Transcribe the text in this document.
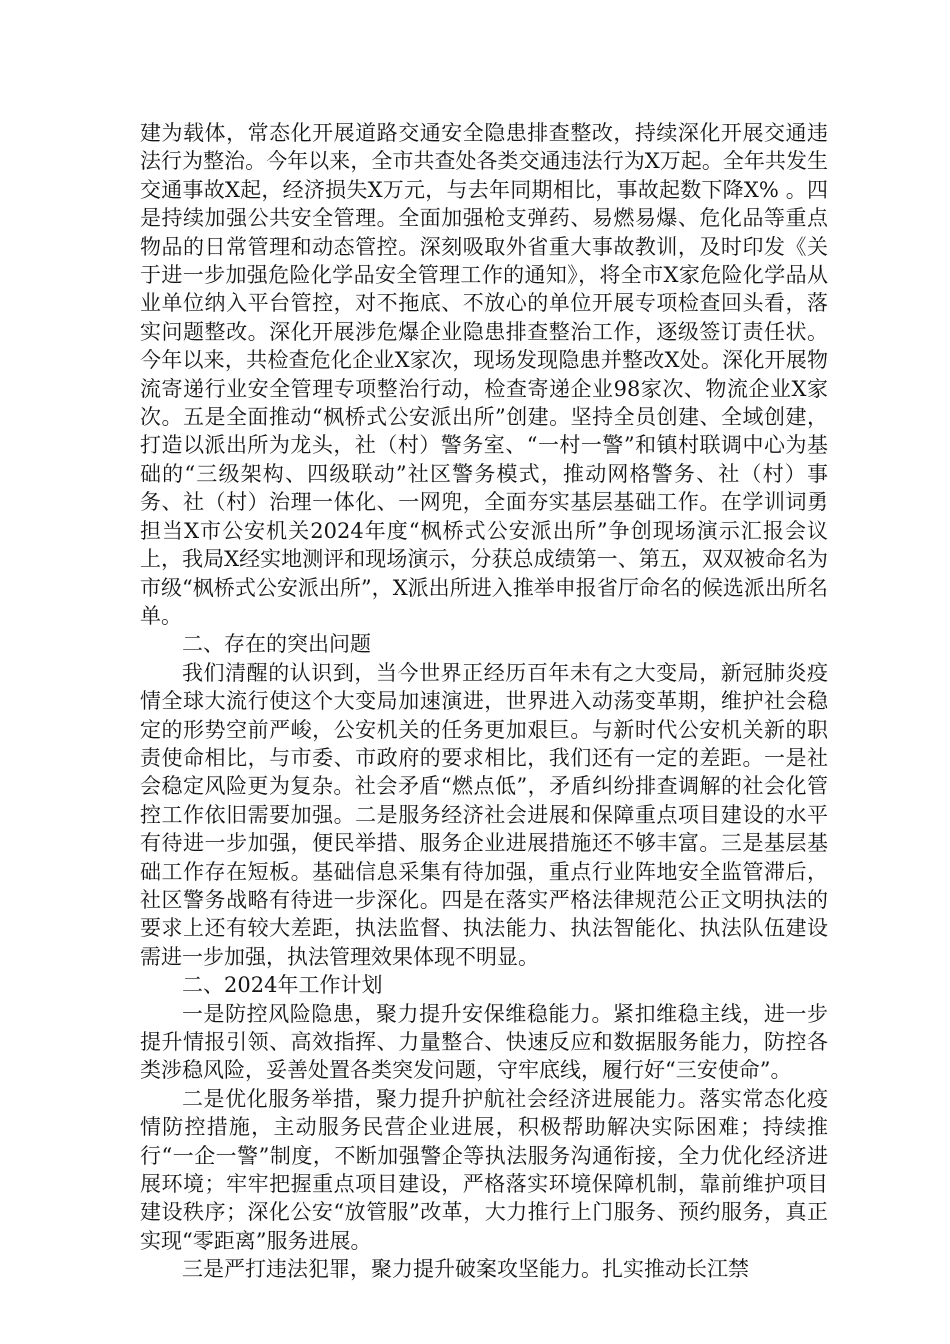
建为载体，常态化开展道路交通安全隐患排查整改，持续深化开展交通违法行为整治。今年以来，全市共查处各类交通违法行为X万起。全年共发生交通事故X起，经济损失X万元，与去年同期相比，事故起数下降X% 。四是持续加强公共安全管理。全面加强枪支弹药、易燃易爆、危化品等重点物品的日常管理和动态管控。深刻吸取外省重大事故教训，及时印发《关于进一步加强危险化学品安全管理工作的通知》，将全市X家危险化学品从业单位纳入平台管控，对不拖底、不放心的单位开展专项检查回头看，落实问题整改。深化开展涉危爆企业隐患排查整治工作，逐级签订责任状。今年以来，共检查危化企业X家次，现场发现隐患并整改X处。深化开展物流寄递行业安全管理专项整治行动，检查寄递企业98家次、物流企业X家次。五是全面推动“枫桥式公安派出所”创建。坚持全员创建、全域创建，打造以派出所为龙头，社（村）警务室、“一村一警”和镇村联调中心为基础的“三级架构、四级联动”社区警务模式，推动网格警务、社（村）事务、社（村）治理一体化、一网兜，全面夯实基层基础工作。在学训词勇担当X市公安机关2024年度“枫桥式公安派出所”争创现场演示汇报会议上，我局X经实地测评和现场演示，分获总成绩第一、第五，双双被命名为市级“枫桥式公安派出所”，X派出所进入推举申报省厅命名的候选派出所名单。

二、存在的突出问题

我们清醒的认识到，当今世界正经历百年未有之大变局，新冠肺炎疫情全球大流行使这个大变局加速演进，世界进入动荡变革期，维护社会稳定的形势空前严峻，公安机关的任务更加艰巨。与新时代公安机关新的职责使命相比，与市委、市政府的要求相比，我们还有一定的差距。一是社会稳定风险更为复杂。社会矛盾“燃点低”，矛盾纠纷排查调解的社会化管控工作依旧需要加强。二是服务经济社会进展和保障重点项目建设的水平有待进一步加强，便民举措、服务企业进展措施还不够丰富。三是基层基础工作存在短板。基础信息采集有待加强，重点行业阵地安全监管滞后，社区警务战略有待进一步深化。四是在落实严格法律规范公正文明执法的要求上还有较大差距，执法监督、执法能力、执法智能化、执法队伍建设需进一步加强，执法管理效果体现不明显。

二、2024年工作计划

一是防控风险隐患，聚力提升安保维稳能力。紧扣维稳主线，进一步提升情报引领、高效指挥、力量整合、快速反应和数据服务能力，防控各类涉稳风险，妥善处置各类突发问题，守牢底线，履行好“三安使命”。

二是优化服务举措，聚力提升护航社会经济进展能力。落实常态化疫情防控措施，主动服务民营企业进展，积极帮助解决实际困难；持续推行“一企一警”制度，不断加强警企等执法服务沟通衔接，全力优化经济进展环境；牢牢把握重点项目建设，严格落实环境保障机制，靠前维护项目建设秩序；深化公安“放管服”改革，大力推行上门服务、预约服务，真正实现“零距离”服务进展。

三是严打违法犯罪，聚力提升破案攻坚能力。扎实推动长江禁
